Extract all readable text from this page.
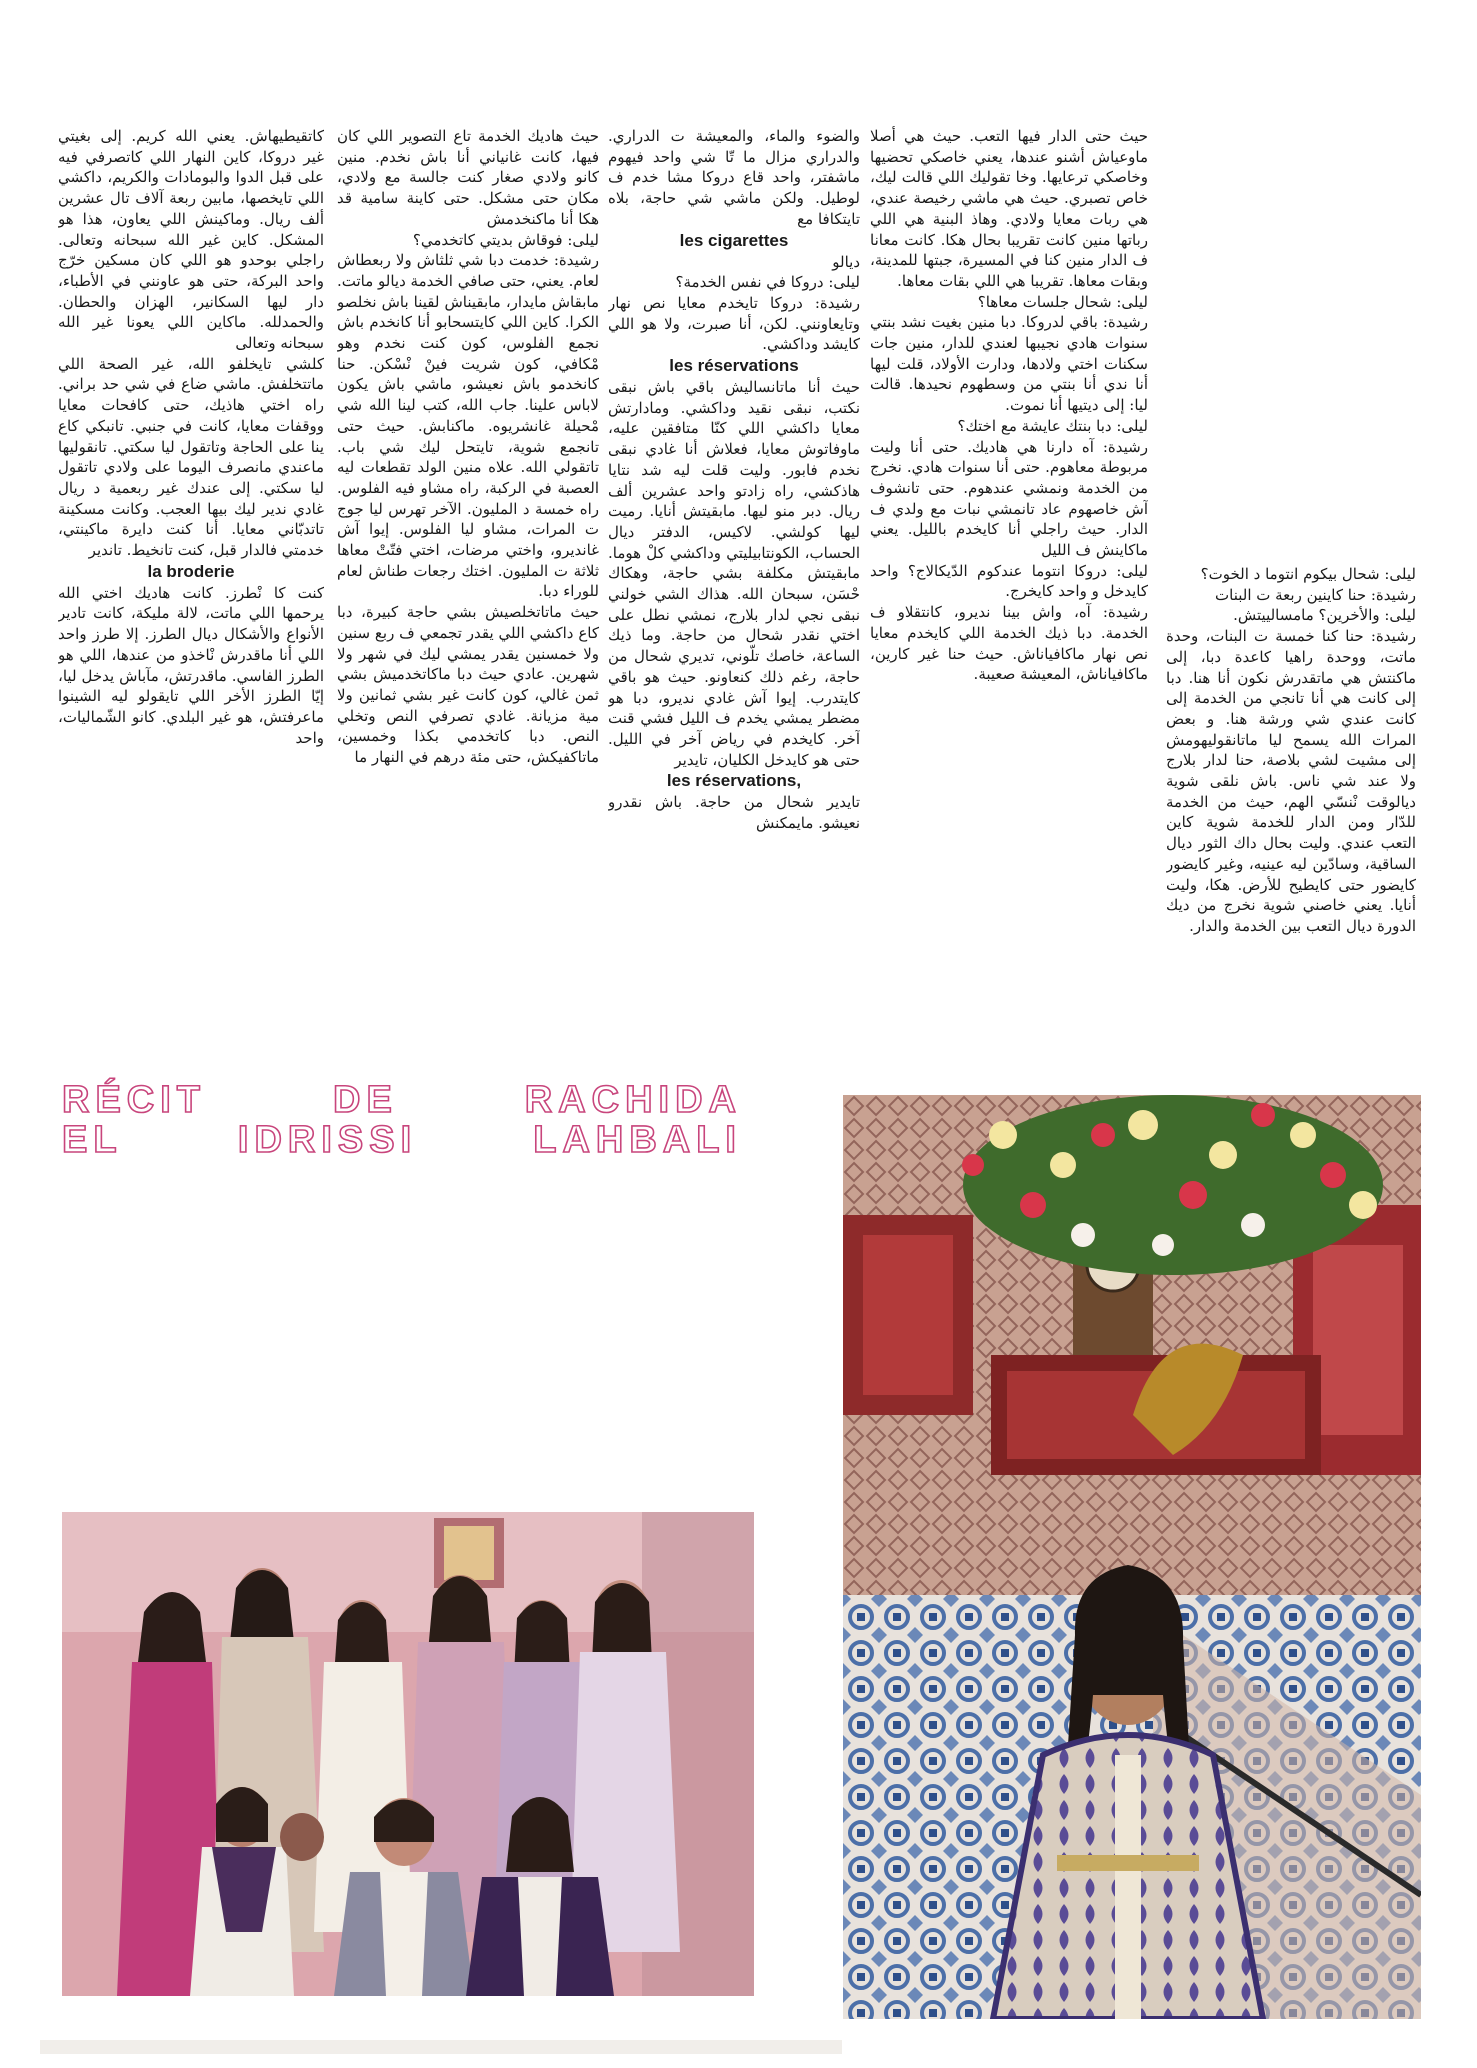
ليلى: شحال بيكوم انتوما د الخوت؟
رشيدة: حنا كاينين ربعة ت البنات
ليلى: والأخرين؟ مامسالييتش.
رشيدة: حنا كنا خمسة ت البنات، وحدة ماتت، ووحدة راهيا كاعدة دبا، إلى ماكنتش هي ماتقدرش نكون أنا هنا. دبا إلى كانت هي أنا تانجي من الخدمة إلى كانت عندي شي ورشة هنا. و بعض المرات الله يسمح ليا ماتانقوليهومش إلى مشيت لشي بلاصة، حنا لدار بلارج ولا عند شي ناس. باش نلقى شوية ديالوقت نْنسّي الهم، حيث من الخدمة للدّار ومن الدار للخدمة شوية كاين التعب عندي. وليت بحال داك الثور ديال الساقية، وسادّين ليه عينيه، وغير كايضور كايضور حتى كايطيح للأرض. هكا، وليت أنايا. يعني خاصني شوية نخرج من ديك الدورة ديال التعب بين الخدمة والدار.
حيث حتى الدار فيها التعب. حيث هي أصلا ماوعياش أشنو عندها، يعني خاصكي تحضيها وخاصكي ترعايها. وخا تقوليك اللي قالت ليك، خاص تصبري. حيث هي ماشي رخيصة عندي، هي ربات معايا ولادي. وهاذ البنية هي اللي رباتها منين كانت تقريبا بحال هكا. كانت معانا ف الدار منين كنا في المسيرة، جبتها للمدينة، وبقات معاها. تقريبا هي اللي بقات معاها.
ليلى: شحال جلسات معاها؟
رشيدة: باقي لدروكا. دبا منين بغيت نشد بنتي سنوات هادي نجيبها لعندي للدار، منين جات سكنات اختي ولادها، ودارت الأولاد، قلت ليها أنا ندي أنا بنتي من وسطهوم نحيدها. قالت ليا: إلى ديتيها أنا نموت.
ليلى: دبا بنتك عايشة مع اختك؟
رشيدة: آه دارنا هي هاديك. حتى أنا وليت مربوطة معاهوم. حتى أنا سنوات هادي. نخرج من الخدمة ونمشي عندهوم. حتى تانشوف آش خاصهوم عاد تانمشي نبات مع ولدي ف الدار. حيث راجلي أنا كايخدم بالليل. يعني ماكاينش ف الليل
ليلى: دروكا انتوما عندكوم الدّيكالاج؟ واحد كايدخل و واحد كايخرج.
رشيدة: آه، واش بينا نديرو، كانتقلاو ف الخدمة. دبا ذيك الخدمة اللي كايخدم معايا نص نهار ماكافياناش. حيث حنا غير كارين، ماكافياناش، المعيشة صعيبة.
والضوء والماء، والمعيشة ت الدراري. والدراري مزال ما تّا شي واحد فيهوم ماشفتر، واحد قاع دروكا مشا خدم ف لوطيل. ولكن ماشي شي حاجة، بلاه تايتكافا مع
les cigarettes
ديالو
ليلى: دروكا في نفس الخدمة؟
رشيدة: دروكا تايخدم معايا نص نهار وتايعاونني. لكن، أنا صبرت، ولا هو اللي كايشد وداكشي.
les réservations
حيث أنا ماتانساليش باقي باش نبقى نكتب، نبقى نقيد وداكشي. ومادارتش معايا داكشي اللي كنّا متافقين عليه، ماوفاتوش معايا، فعلاش أنا غادي نبقى نخدم فابور. وليت قلت ليه شد نتايا هاذكشي، راه زادتو واحد عشرين ألف ريال. دبر منو ليها. مابقيتش أنايا. رميت ليها كولشي. لاكيس، الدفتر ديال الحساب، الكونتابيليتي وداكشي كلْ هوما. مابقيتش مكلفة بشي حاجة، وهكاك حْسَن، سبحان الله. هذاك الشي خولني نبقى نجي لدار بلارج، نمشي نطل على اختي نقدر شحال من حاجة. وما ذيك الساعة، خاصك تلّوني، تديري شحال من حاجة، رغم ذلك كنعاونو. حيث هو باقي كايتدرب. إيوا آش غادي نديرو، دبا هو مضطر يمشي يخدم ف الليل فشي قنت آخر. كايخدم في رياض آخر في الليل. حتى هو كايدخل الكليان، تايدير
les réservations,
تايدير شحال من حاجة. باش نقدرو نعيشو. مايمكنش
حيث هاديك الخدمة تاع التصوير اللي كان فيها، كانت غانياني أنا باش نخدم. منين كانو ولادي صغار كنت جالسة مع ولادي، مكان حتى مشكل. حتى كاينة سامية قد هكا أنا ماكنخدمش
ليلى: فوقاش بديتي كاتخدمي؟
رشيدة: خدمت دبا شي ثلثاش ولا ربعطاش لعام. يعني، حتى صافي الخدمة ديالو ماتت. مابقاش مايدار، مابقيناش لقينا باش نخلصو الكرا. كاين اللي كايتسحابو أنا كانخدم باش نجمع الفلوس، كون كنت نخدم وهو مْكافي، كون شريت فينْ نْسْكن. حنا كانخدمو باش نعيشو، ماشي باش يكون لاباس علينا. جاب الله، كتب لينا الله شي مْحيلة غانشريوه. ماكنابش. حيث حتى تانجمع شوية، تايتحل ليك شي باب. تاتقولي الله. علاه منين الولد تقطعات ليه العصبة في الركبة، راه مشاو فيه الفلوس. راه خمسة د المليون. الآخر تهرس ليا جوج ت المرات، مشاو ليا الفلوس. إيوا آش غانديرو، واختي مرضات، اختي فتّتْ معاها ثلاثة ت المليون. اختك رجعات طناش لعام للوراء دبا.
حيث ماتاتخلصيش بشي حاجة كبيرة، دبا كاع داكشي اللي يقدر تجمعي ف ربع سنين ولا خمسنين يقدر يمشي ليك في شهر ولا شهرين. عادي حيث دبا ماكاتخدميش بشي ثمن غالي، كون كانت غير بشي ثمانين ولا مية مزيانة. غادي تصرفي النص وتخلي النص. دبا كاتخدمي بكذا وخمسين، ماتاكفيكش، حتى مئة درهم في النهار ما
كاتقيطيهاش. يعني الله كريم. إلى بغيتي غير دروكا، كاين النهار اللي كاتصرفي فيه على قبل الدوا والبومادات والكريم، داكشي اللي تايخصها، مابين ربعة آلاف تال عشرين ألف ريال. وماكينش اللي يعاون، هذا هو المشكل. كاين غير الله سبحانه وتعالى. راجلي بوحدو هو اللي كان مسكين خرّج واحد البركة، حتى هو عاونني في الأطباء، دار ليها السكانير، الهزان والحطان. والحمدلله. ماكاين اللي يعونا غير الله سبحانه وتعالى
كلشي تايخلفو الله، غير الصحة اللي ماتتخلفش. ماشي ضاع في شي حد براني. راه اختي هاذيك، حتى كافحات معايا ووقفات معايا، كانت في جنبي. تانبكي كاع ينا على الحاجة وتاتقول ليا سكتي. تانقوليها ماعندي مانصرف اليوما على ولادي تاتقول ليا سكتي. إلى عندك غير ربعمية د ريال غادي ندير ليك بيها العجب. وكانت مسكينة تاتدبّاني معايا. أنا كنت دايرة ماكينتي، خدمتي فالدار قبل، كنت تانخيط. تاندير
la broderie
كنت كا نْطرز. كانت هاديك اختي الله يرحمها اللي ماتت، لالة مليكة، كانت تادير الأنواع والأشكال ديال الطرز. إلا طرز واحد اللي أنا ماقدرش نْاخذو من عندها، اللي هو الطرز الفاسي. ماقدرتش، مآباش يدخل ليا، إيّا الطرز الأخر اللي تايقولو ليه الشينوا ماعرفتش، هو غير البلدي. كانو الشّماليات، واحد
RÉCIT DE RACHIDA
EL IDRISSI LAHBALI
